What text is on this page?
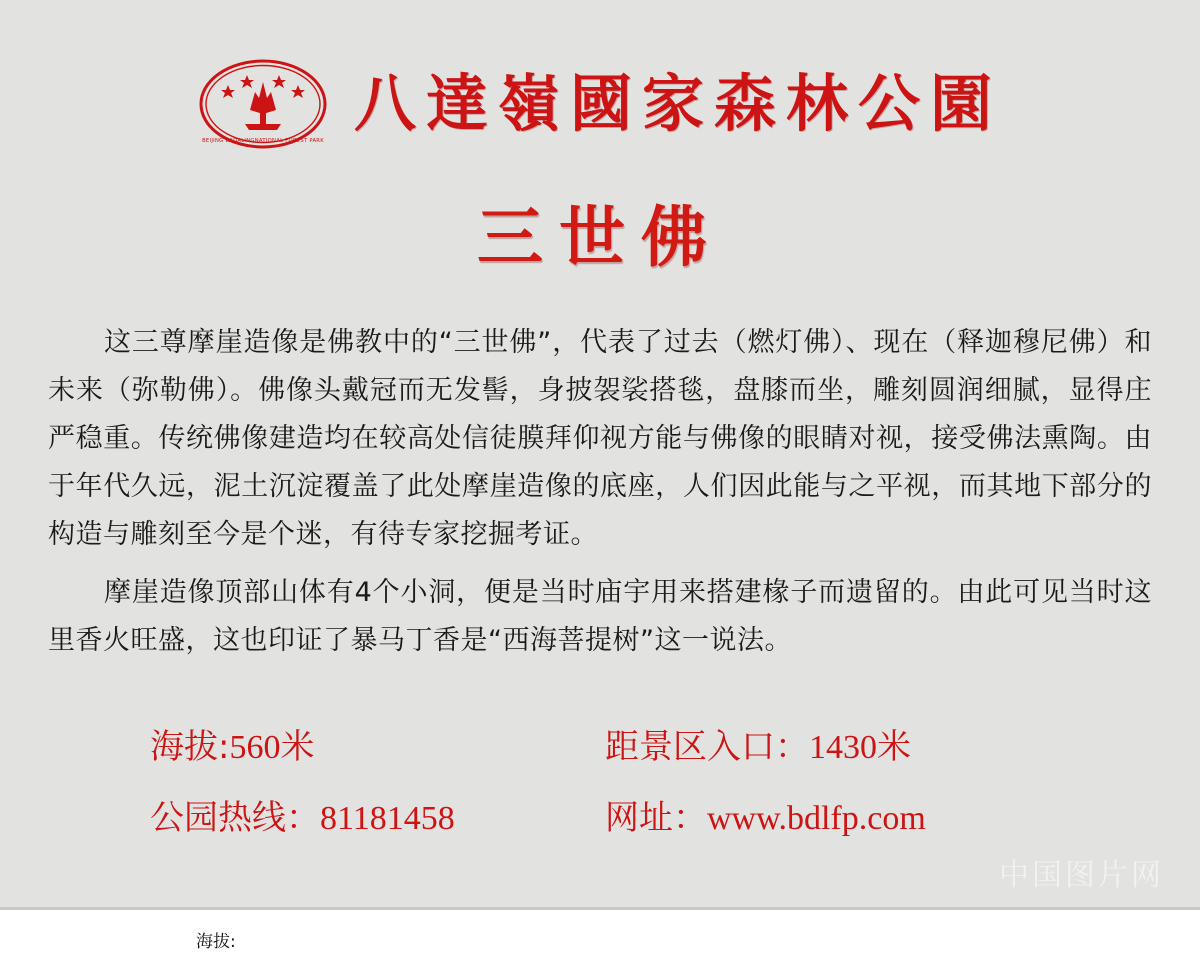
BEIJING BADALINGNATIONAL FOREST PARK
八達嶺國家森林公園
三世佛

这三尊摩崖造像是佛教中的“三世佛”，代表了过去（燃灯佛）、现在（释迦穆尼佛）和未来（弥勒佛）。佛像头戴冠而无发髻，身披袈裟搭毯，盘膝而坐，雕刻圆润细腻，显得庄严稳重。传统佛像建造均在较高处信徒膜拜仰视方能与佛像的眼睛对视，接受佛法熏陶。由于年代久远，泥土沉淀覆盖了此处摩崖造像的底座，人们因此能与之平视，而其地下部分的构造与雕刻至今是个迷，有待专家挖掘考证。

摩崖造像顶部山体有4个小洞，便是当时庙宇用来搭建椽子而遗留的。由此可见当时这里香火旺盛，这也印证了暴马丁香是“西海菩提树”这一说法。

海拔:560米	距景区入口：1430米
公园热线：81181458	网址：www.bdlfp.com
中国图片网
海拔:
